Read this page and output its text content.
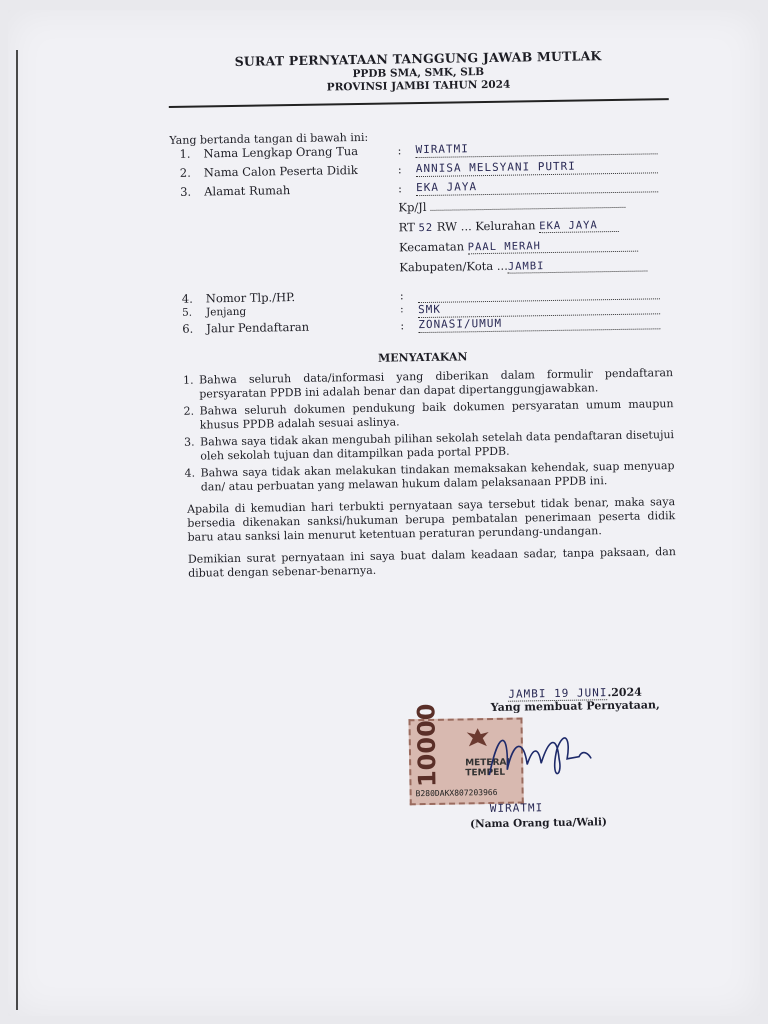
SURAT PERNYATAAN TANGGUNG JAWAB MUTLAK
PPDB SMA, SMK, SLB
PROVINSI JAMBI TAHUN 2024
Yang bertanda tangan di bawah ini:
1. Nama Lengkap Orang Tua	: WIRATMI
2. Nama Calon Peserta Didik	: ANNISA MELSYANI PUTRI
3. Alamat Rumah	: EKA JAYA
Kp/Jl
RT 52 RW ... Kelurahan EKA JAYA
Kecamatan PAAL MERAH
Kabupaten/Kota ...JAMBI
4. Nomor Tlp./HP.	:
5. Jenjang	: SMK
6. Jalur Pendaftaran	: ZONASI/UMUM
MENYATAKAN
1. Bahwa seluruh data/informasi yang diberikan dalam formulir pendaftaran persyaratan PPDB ini adalah benar dan dapat dipertanggungjawabkan.
2. Bahwa seluruh dokumen pendukung baik dokumen persyaratan umum maupun khusus PPDB adalah sesuai aslinya.
3. Bahwa saya tidak akan mengubah pilihan sekolah setelah data pendaftaran disetujui oleh sekolah tujuan dan ditampilkan pada portal PPDB.
4. Bahwa saya tidak akan melakukan tindakan memaksakan kehendak, suap menyuap dan/ atau perbuatan yang melawan hukum dalam pelaksanaan PPDB ini.

Apabila di kemudian hari terbukti pernyataan saya tersebut tidak benar, maka saya bersedia dikenakan sanksi/hukuman berupa pembatalan penerimaan peserta didik baru atau sanksi lain menurut ketentuan peraturan perundang-undangan.

Demikian surat pernyataan ini saya buat dalam keadaan sadar, tanpa paksaan, dan dibuat dengan sebenar-benarnya.

JAMBI 19 JUNI.2024
Yang membuat Pernyataan,
10000	METERAI
TEMPEL
B280DAKX807203966
WIRATMI
(Nama Orang tua/Wali)
